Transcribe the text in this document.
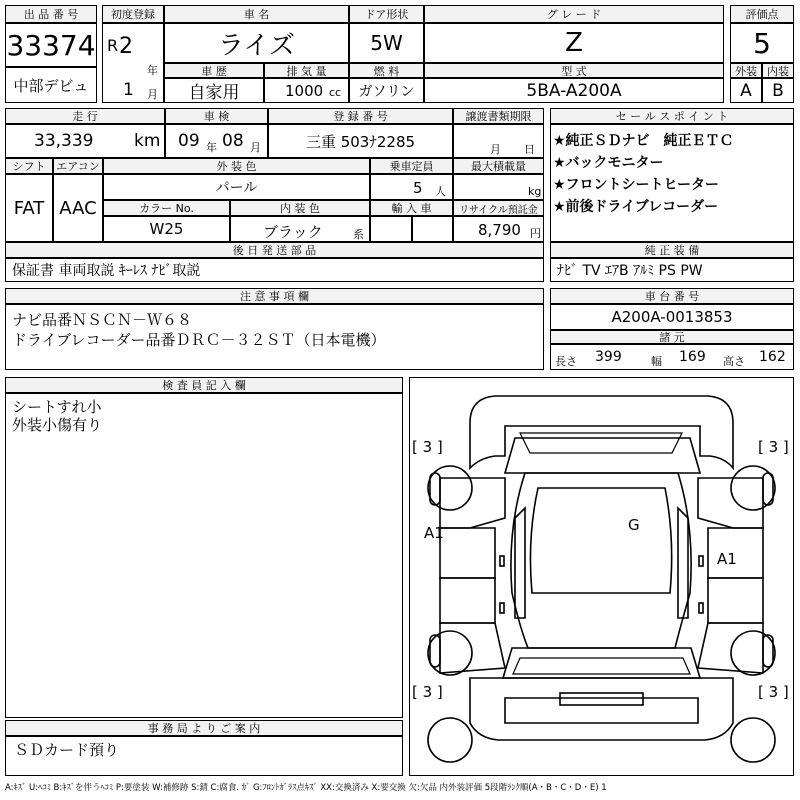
出 品 番 号
33374
中部デビュ
初度登録
R 2
年
1 月
車 名
ライズ
ドア形状
5W
グ レ ー ド
Z
評価点
5
車 歴
自家用
排 気 量
1000 cc
燃 料
ガソリン
型 式
5BA-A200A
外装 内装
A	B
走 行
33,339 km
車 検
09 年 08 月
登 録 番 号
三重 503ﾅ2285
譲渡書類期限
月 日
シフト
FAT
エアコン
AAC
外 装 色
パール
乗車定員
5 人
最大積載量
kg
カラー No.
W25
内 装 色
ブラック	系
輸 入 車	リサイクル預託金
8,790 円
後 日 発 送 部 品
保証書 車両取説 ｷｰﾚｽ ﾅﾋﾞ取説
セ ー ル ス ポ イ ン ト
★純正ＳＤナビ　純正ＥＴＣ
★バックモニター
★フロントシートヒーター
★前後ドライブレコーダー
純 正 装 備
ﾅﾋﾞ TV ｴｱB ｱﾙﾐ PS PW
注 意 事 項 欄
ナビ品番ＮＳＣＮ－Ｗ６８
ドライブレコーダー品番ＤＲＣ－３２ＳＴ（日本電機）
車 台 番 号
A200A-0013853
諸 元
長さ 399	幅 169 高さ 162
検 査 員 記 入 欄
シートすれ小
外装小傷有り
事 務 局 よ り ご 案 内
ＳＤカード預り
[ 3 ]	[ 3 ]
[ 3 ]	[ 3 ]
A1
A1
G
A:ｷｽﾞ U:ﾍｺﾐ B:ｷｽﾞを伴うﾍｺﾐ P:要塗装 W:補修跡 S:錆 C:腐食. ｶﾞ G:ﾌﾛﾝﾄｶﾞﾗｽ点ｷｽﾞ XX:交換済み X:要交換 欠:欠品 内外装評価 5段階ﾗﾝｸ順(A・B・C・D・E) 1
